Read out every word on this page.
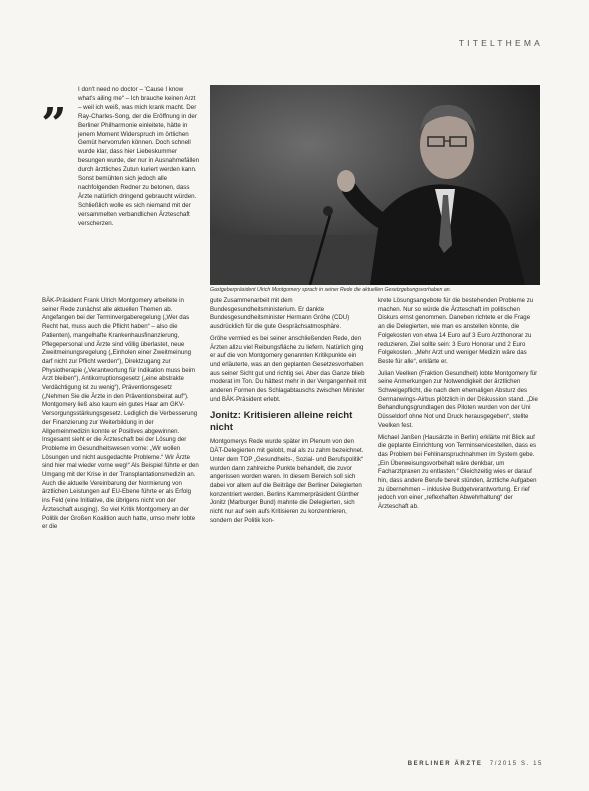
TITELTHEMA
„ I don't need no doctor – 'Cause I know what's ailing me“ – Ich brauche keinen Arzt – weil ich weiß, was mich krank macht. Der Ray-Charles-Song, der die Eröffnung in der Berliner Philharmonie einleitete, hätte in jenem Moment Widerspruch im örtlichen Gemüt hervorrufen können. Doch schnell wurde klar, dass hier Liebeskummer besungen wurde, der nur in Ausnahmefällen durch ärztliches Zutun kuriert werden kann. Sonst bemühten sich jedoch alle nachfolgenden Redner zu betonen, dass Ärzte natürlich dringend gebraucht würden. Schließlich wolle es sich niemand mit der versammelten verbandlichen Ärzteschaft verscherzen.

Gastgeberpräsident Ulrich Montgomery sprach in seiner Rede die aktuellen Gesetzgebungsvorhaben an.

BÄK-Präsident Frank Ulrich Montgomery arbeitete in seiner Rede zunächst alle aktuellen Themen ab. Angefangen bei der Terminvergaberegelung („Wer das Recht hat, muss auch die Pflicht haben“ – also die Patienten), mangelhafte Krankenhausfinanzierung, Pflegepersonal und Ärzte sind völlig überlastet, neue Zweitmeinungsregelung („Einholen einer Zweitmeinung darf nicht zur Pflicht werden“), Direktzugang zur Physiotherapie („Verantwortung für Indikation muss beim Arzt bleiben“), Antikorruptionsgesetz („eine abstrakte Verdächtigung ist zu wenig“), Präventionsgesetz („Nehmen Sie die Ärzte in den Präventionsbeirat auf“). Montgomery ließ also kaum ein gutes Haar am GKV-Versorgungsstärkungsgesetz. Lediglich die Verbesserung der Finanzierung zur Weiterbildung in der Allgemeinmedizin konnte er Positives abgewinnen. Insgesamt sieht er die Ärzteschaft bei der Lösung der Probleme im Gesundheitswesen vorne: „Wir wollen Lösungen und nicht ausgedachte Probleme.“ Wir Ärzte sind hier mal wieder vorne weg!“ Als Beispiel führte er den Umgang mit der Krise in der Transplantationsmedizin an. Auch die aktuelle Vereinbarung der Normierung von ärztlichen Leistungen auf EU-Ebene führte er als Erfolg ins Feld (eine Initiative, die übrigens nicht von der Ärzteschaft ausging). So viel Kritik Montgomery an der Politik der Großen Koalition auch hatte, umso mehr lobte er die

gute Zusammenarbeit mit dem Bundesgesundheitsministerium. Er dankte Bundesgesundheitsminister Hermann Gröhe (CDU) ausdrücklich für die gute Gesprächsatmosphäre.

Gröhe vermied es bei seiner anschließenden Rede, den Ärzten allzu viel Reibungsfläche zu liefern. Natürlich ging er auf die von Montgomery genannten Kritikpunkte ein und erläuterte, was an den geplanten Gesetzesvorhaben aus seiner Sicht gut und richtig sei. Aber das Ganze blieb moderat im Ton. Du hättest mehr in der Vergangenheit mit anderen Formen des Schlagabtauschs zwischen Minister und BÄK-Präsident erlebt.

Jonitz: Kritisieren alleine reicht nicht

Montgomerys Rede wurde später im Plenum von den DÄT-Delegierten mit gelobt, mal als zu zahm bezeichnet. Unter dem TOP „Gesundheits-, Sozial- und Berufspolitik“ wurden dann zahlreiche Punkte behandelt, die zuvor angerissen worden waren. In diesem Bereich soll sich dabei vor allem auf die Beiträge der Berliner Delegierten konzentriert werden. Berlins Kammerpräsident Günther Jonitz (Marburger Bund) mahnte die Delegierten, sich nicht nur auf sein aufs Kritisieren zu konzentrieren, sondern der Politik kon-

krete Lösungsangebote für die bestehenden Probleme zu machen. Nur so würde die Ärzteschaft im politischen Diskurs ernst genommen. Daneben richtete er die Frage an die Delegierten, wie man es anstellen könnte, die Folgekosten von etwa 14 Euro auf 3 Euro Arzthonorar zu reduzieren. Ziel sollte sein: 3 Euro Honorar und 2 Euro Folgekosten. „Mehr Arzt und weniger Medizin wäre das Beste für alle“, erklärte er.

Julian Veelken (Fraktion Gesundheit) lobte Montgomery für seine Anmerkungen zur Notwendigkeit der ärztlichen Schweigepflicht, die nach dem ehemaligen Absturz des Germanwings-Airbus plötzlich in der Diskussion stand. „Die Behandlungsgrundlagen des Piloten wurden von der Uni Düsseldorf ohne Not und Druck herausgegeben“, stellte Veelken fest.

Michael Janßen (Hausärzte in Berlin) erklärte mit Blick auf die geplante Einrichtung von Terminservicestellen, dass es das Problem bei Fehlinanspruchnahmen im System gebe. „Ein Überweisungsvorbehalt wäre denkbar, um Facharztpraxen zu entlasten.“ Gleichzeitig wies er darauf hin, dass andere Berufe bereit stünden, ärztliche Aufgaben zu übernehmen – inklusive Budgetverantwortung. Er rief jedoch von einer „reflexhaften Abwehrhaltung“ der Ärzteschaft ab.

BERLINER ÄRZTE 7/2015 S. 15
